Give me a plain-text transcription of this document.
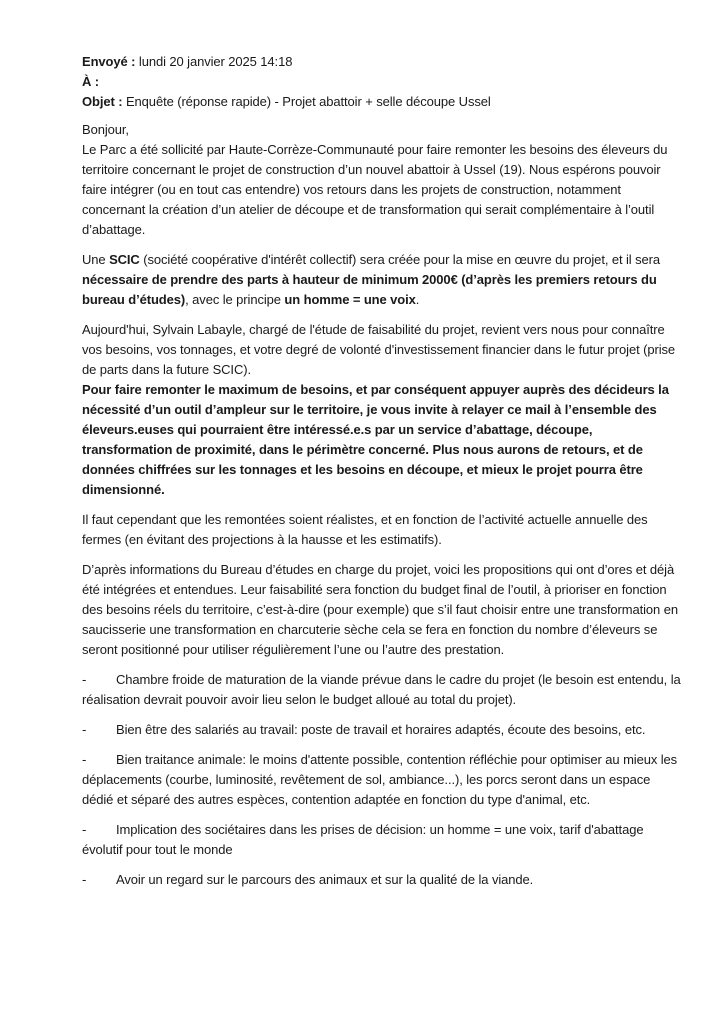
Envoyé : lundi 20 janvier 2025 14:18
À :
Objet : Enquête (réponse rapide) - Projet abattoir + selle découpe Ussel
Bonjour,

Le Parc a été sollicité par Haute-Corrèze-Communauté pour faire remonter les besoins des éleveurs du territoire concernant le projet de construction d’un nouvel abattoir à Ussel (19). Nous espérons pouvoir faire intégrer (ou en tout cas entendre) vos retours dans les projets de construction, notamment concernant la création d’un atelier de découpe et de transformation qui serait complémentaire à l’outil d’abattage.

Une SCIC (société coopérative d'intérêt collectif) sera créée pour la mise en œuvre du projet, et il sera nécessaire de prendre des parts à hauteur de minimum 2000€ (d’après les premiers retours du bureau d’études), avec le principe un homme = une voix.

Aujourd'hui, Sylvain Labayle, chargé de l'étude de faisabilité du projet, revient vers nous pour connaître vos besoins, vos tonnages, et votre degré de volonté d'investissement financier dans le futur projet (prise de parts dans la future SCIC).

Pour faire remonter le maximum de besoins, et par conséquent appuyer auprès des décideurs la nécessité d’un outil d’ampleur sur le territoire, je vous invite à relayer ce mail à l’ensemble des éleveurs.euses qui pourraient être intéressé.e.s par un service d’abattage, découpe, transformation de proximité, dans le périmètre concerné. Plus nous aurons de retours, et de données chiffrées sur les tonnages et les besoins en découpe, et mieux le projet pourra être dimensionné.

Il faut cependant que les remontées soient réalistes, et en fonction de l’activité actuelle annuelle des fermes (en évitant des projections à la hausse et les estimatifs).

D’après informations du Bureau d’études en charge du projet, voici les propositions qui ont d’ores et déjà été intégrées et entendues. Leur faisabilité sera fonction du budget final de l’outil, à prioriser en fonction des besoins réels du territoire, c’est-à-dire (pour exemple) que s’il faut choisir entre une transformation en saucisserie une transformation en charcuterie sèche cela se fera en fonction du nombre d’éleveurs se seront positionné pour utiliser régulièrement l’une ou l’autre des prestation.

- Chambre froide de maturation de la viande prévue dans le cadre du projet (le besoin est entendu, la réalisation devrait pouvoir avoir lieu selon le budget alloué au total du projet).
- Bien être des salariés au travail: poste de travail et horaires adaptés, écoute des besoins, etc.
- Bien traitance animale: le moins d'attente possible, contention réfléchie pour optimiser au mieux les déplacements (courbe, luminosité, revêtement de sol, ambiance...), les porcs seront dans un espace dédié et séparé des autres espèces, contention adaptée en fonction du type d'animal, etc.
- Implication des sociétaires dans les prises de décision: un homme = une voix, tarif d'abattage évolutif pour tout le monde
- Avoir un regard sur le parcours des animaux et sur la qualité de la viande.
